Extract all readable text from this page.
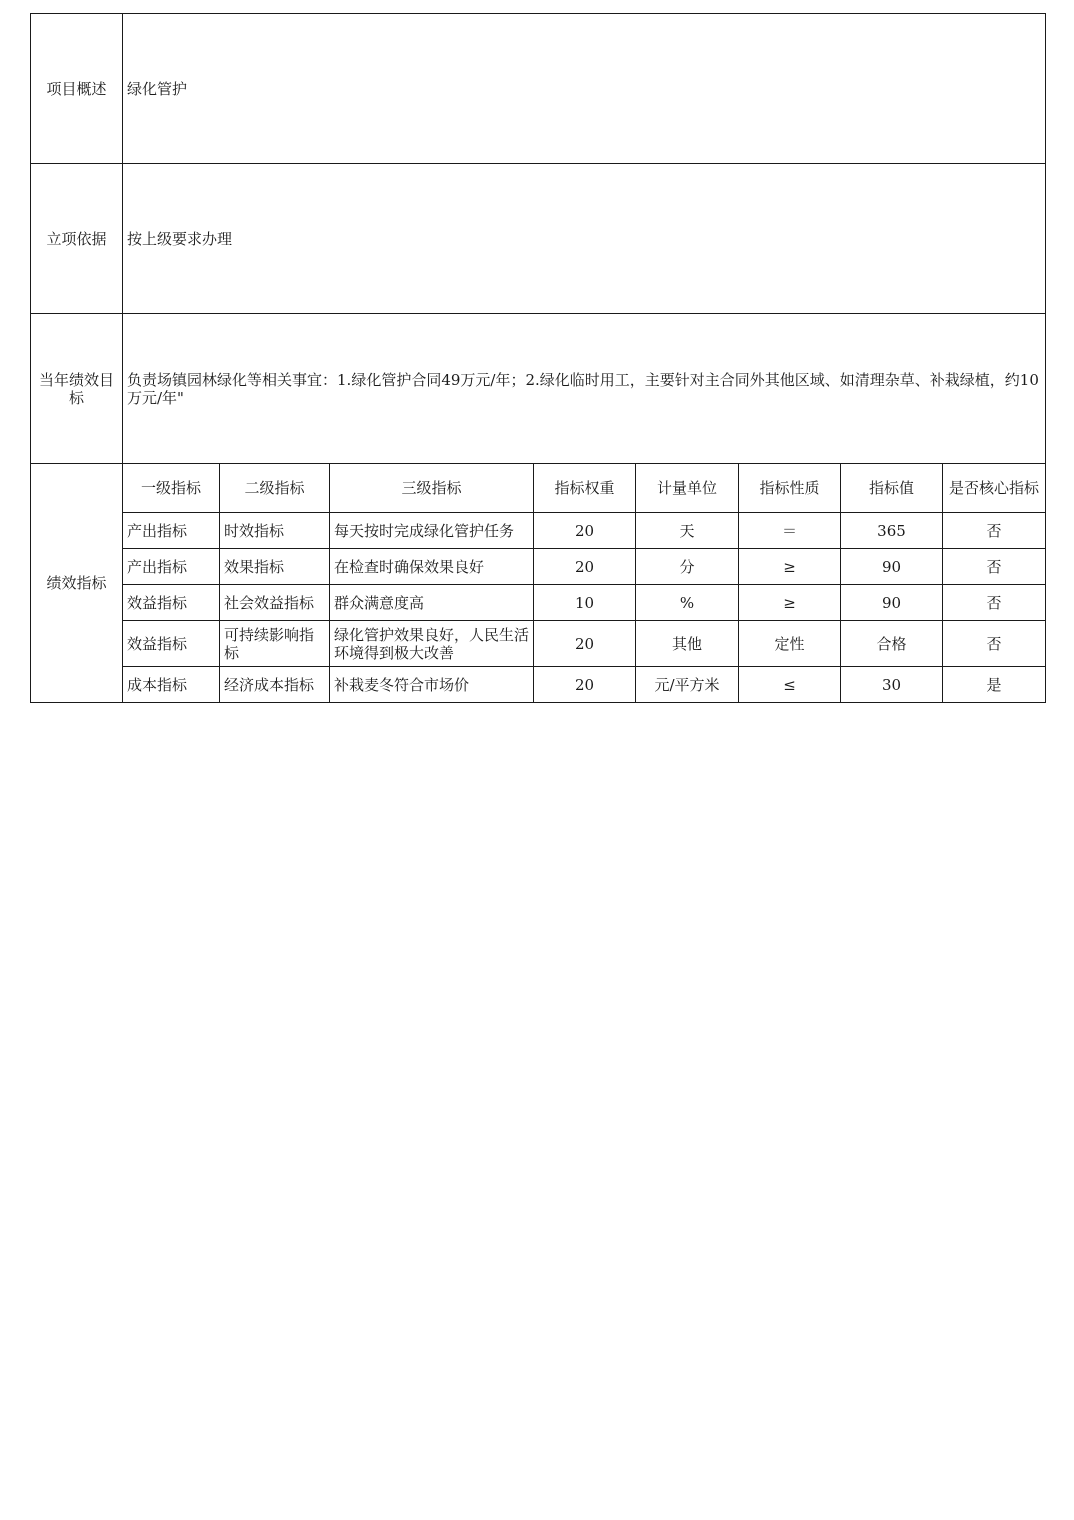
项目概述	绿化管护							
立项依据	按上级要求办理							
当年绩效目标	负责场镇园林绿化等相关事宜：1.绿化管护合同49万元/年；2.绿化临时用工，主要针对主合同外其他区域、如清理杂草、补栽绿植，约10万元/年"							
绩效指标	一级指标	二级指标	三级指标	指标权重	计量单位	指标性质	指标值	是否核心指标
	产出指标	时效指标	每天按时完成绿化管护任务	20	天	＝	365	否
	产出指标	效果指标	在检查时确保效果良好	20	分	≥	90	否
	效益指标	社会效益指标	群众满意度高	10	%	≥	90	否
	效益指标	可持续影响指标	绿化管护效果良好，人民生活环境得到极大改善	20	其他	定性	合格	否
	成本指标	经济成本指标	补栽麦冬符合市场价	20	元/平方米	≤	30	是
